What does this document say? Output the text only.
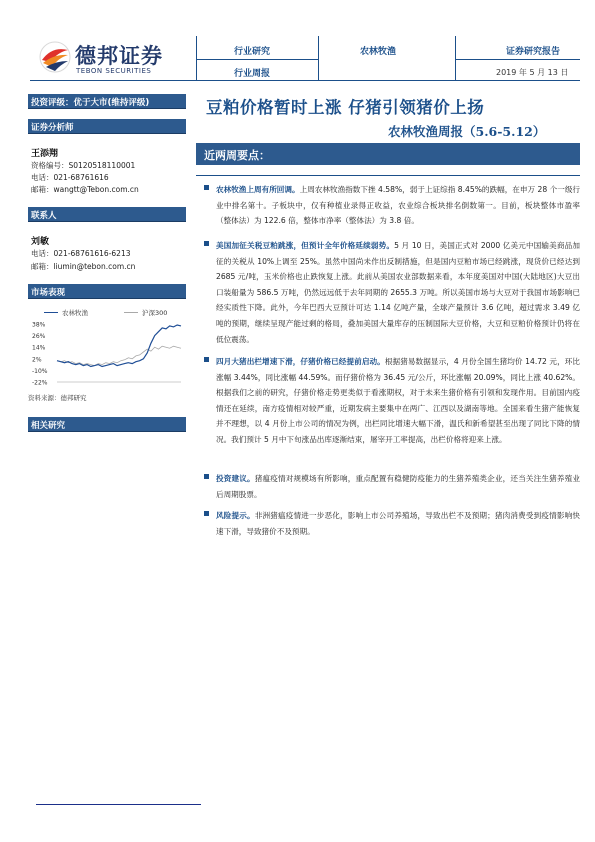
德邦证券
TEBON SECURITIES
行业研究	农林牧渔	证券研究报告
行业周报	2019 年 5 月 13 日
投资评级：优于大市(维持评级)
证券分析师
王添翔
资格编号：S0120518110001
电话：021-68761616
邮箱：wangtt@Tebon.com.cn
联系人
刘敏
电话：021-68761616-6213
邮箱：liumin@tebon.com.cn
市场表现
农林牧渔	沪深300
38%
26%
14%
2%
-10%
-22%
资料来源：德邦研究
相关研究
豆粕价格暂时上涨 仔猪引领猪价上扬
农林牧渔周报（5.6-5.12）
近两周要点：

农林牧渔上周有所回调。上周农林牧渔指数下挫 4.58%，弱于上证综指 8.45%的跌幅，在申万 28 个一级行业中排名第十。子板块中，仅有种植业录得正收益，农业综合板块排名倒数第一。目前，板块整体市盈率（整体法）为 122.6 倍，整体市净率（整体法）为 3.8 倍。

美国加征关税豆粕跳涨，但预计全年价格延续弱势。5 月 10 日，美国正式对 2000 亿美元中国输美商品加征的关税从 10%上调至 25%。虽然中国尚未作出反制措施，但是国内豆粕市场已经跳涨，现货价已经达到 2685 元/吨，玉米价格也止跌恢复上涨。此前从美国农业部数据来看，本年度美国对中国(大陆地区)大豆出口装船量为 586.5 万吨，仍然远远低于去年同期的 2655.3 万吨。所以美国市场与大豆对于我国市场影响已经实质性下降。此外，今年巴西大豆预计可达 1.14 亿吨产量，全球产量预计 3.6 亿吨，超过需求 3.49 亿吨的预期，继续呈现产能过剩的格局，叠加美国大量库存的压制国际大豆价格，大豆和豆粕价格预计仍将在低位震荡。

四月大猪出栏增速下滑，仔猪价格已经提前启动。根据猪易数据显示，4 月份全国生猪均价 14.72 元，环比涨幅 3.44%，同比涨幅 44.59%。而仔猪价格为 36.45 元/公斤，环比涨幅 20.09%，同比上涨 40.62%。根据我们之前的研究，仔猪价格走势更类似于看涨期权，对于未来生猪价格有引领和发现作用。目前国内疫情还在延续，南方疫情相对较严重，近期发病主要集中在两广、江西以及湖南等地。全国来看生猪产能恢复并不理想，以 4 月份上市公司的情况为例，出栏同比增速大幅下滑，温氏和新希望甚至出现了同比下降的情况。我们预计 5 月中下旬涨品出库逐渐结束，屠宰开工率提高，出栏价格将迎来上涨。

投资建议。猪瘟疫情对规模场有所影响，重点配置有稳健防疫能力的生猪养殖类企业，还当关注生猪养殖业后周期股票。

风险提示。非洲猪瘟疫情进一步恶化，影响上市公司养殖场，导致出栏不及预期；猪肉消费受到疫情影响快速下滑，导致猪价不及预期。
